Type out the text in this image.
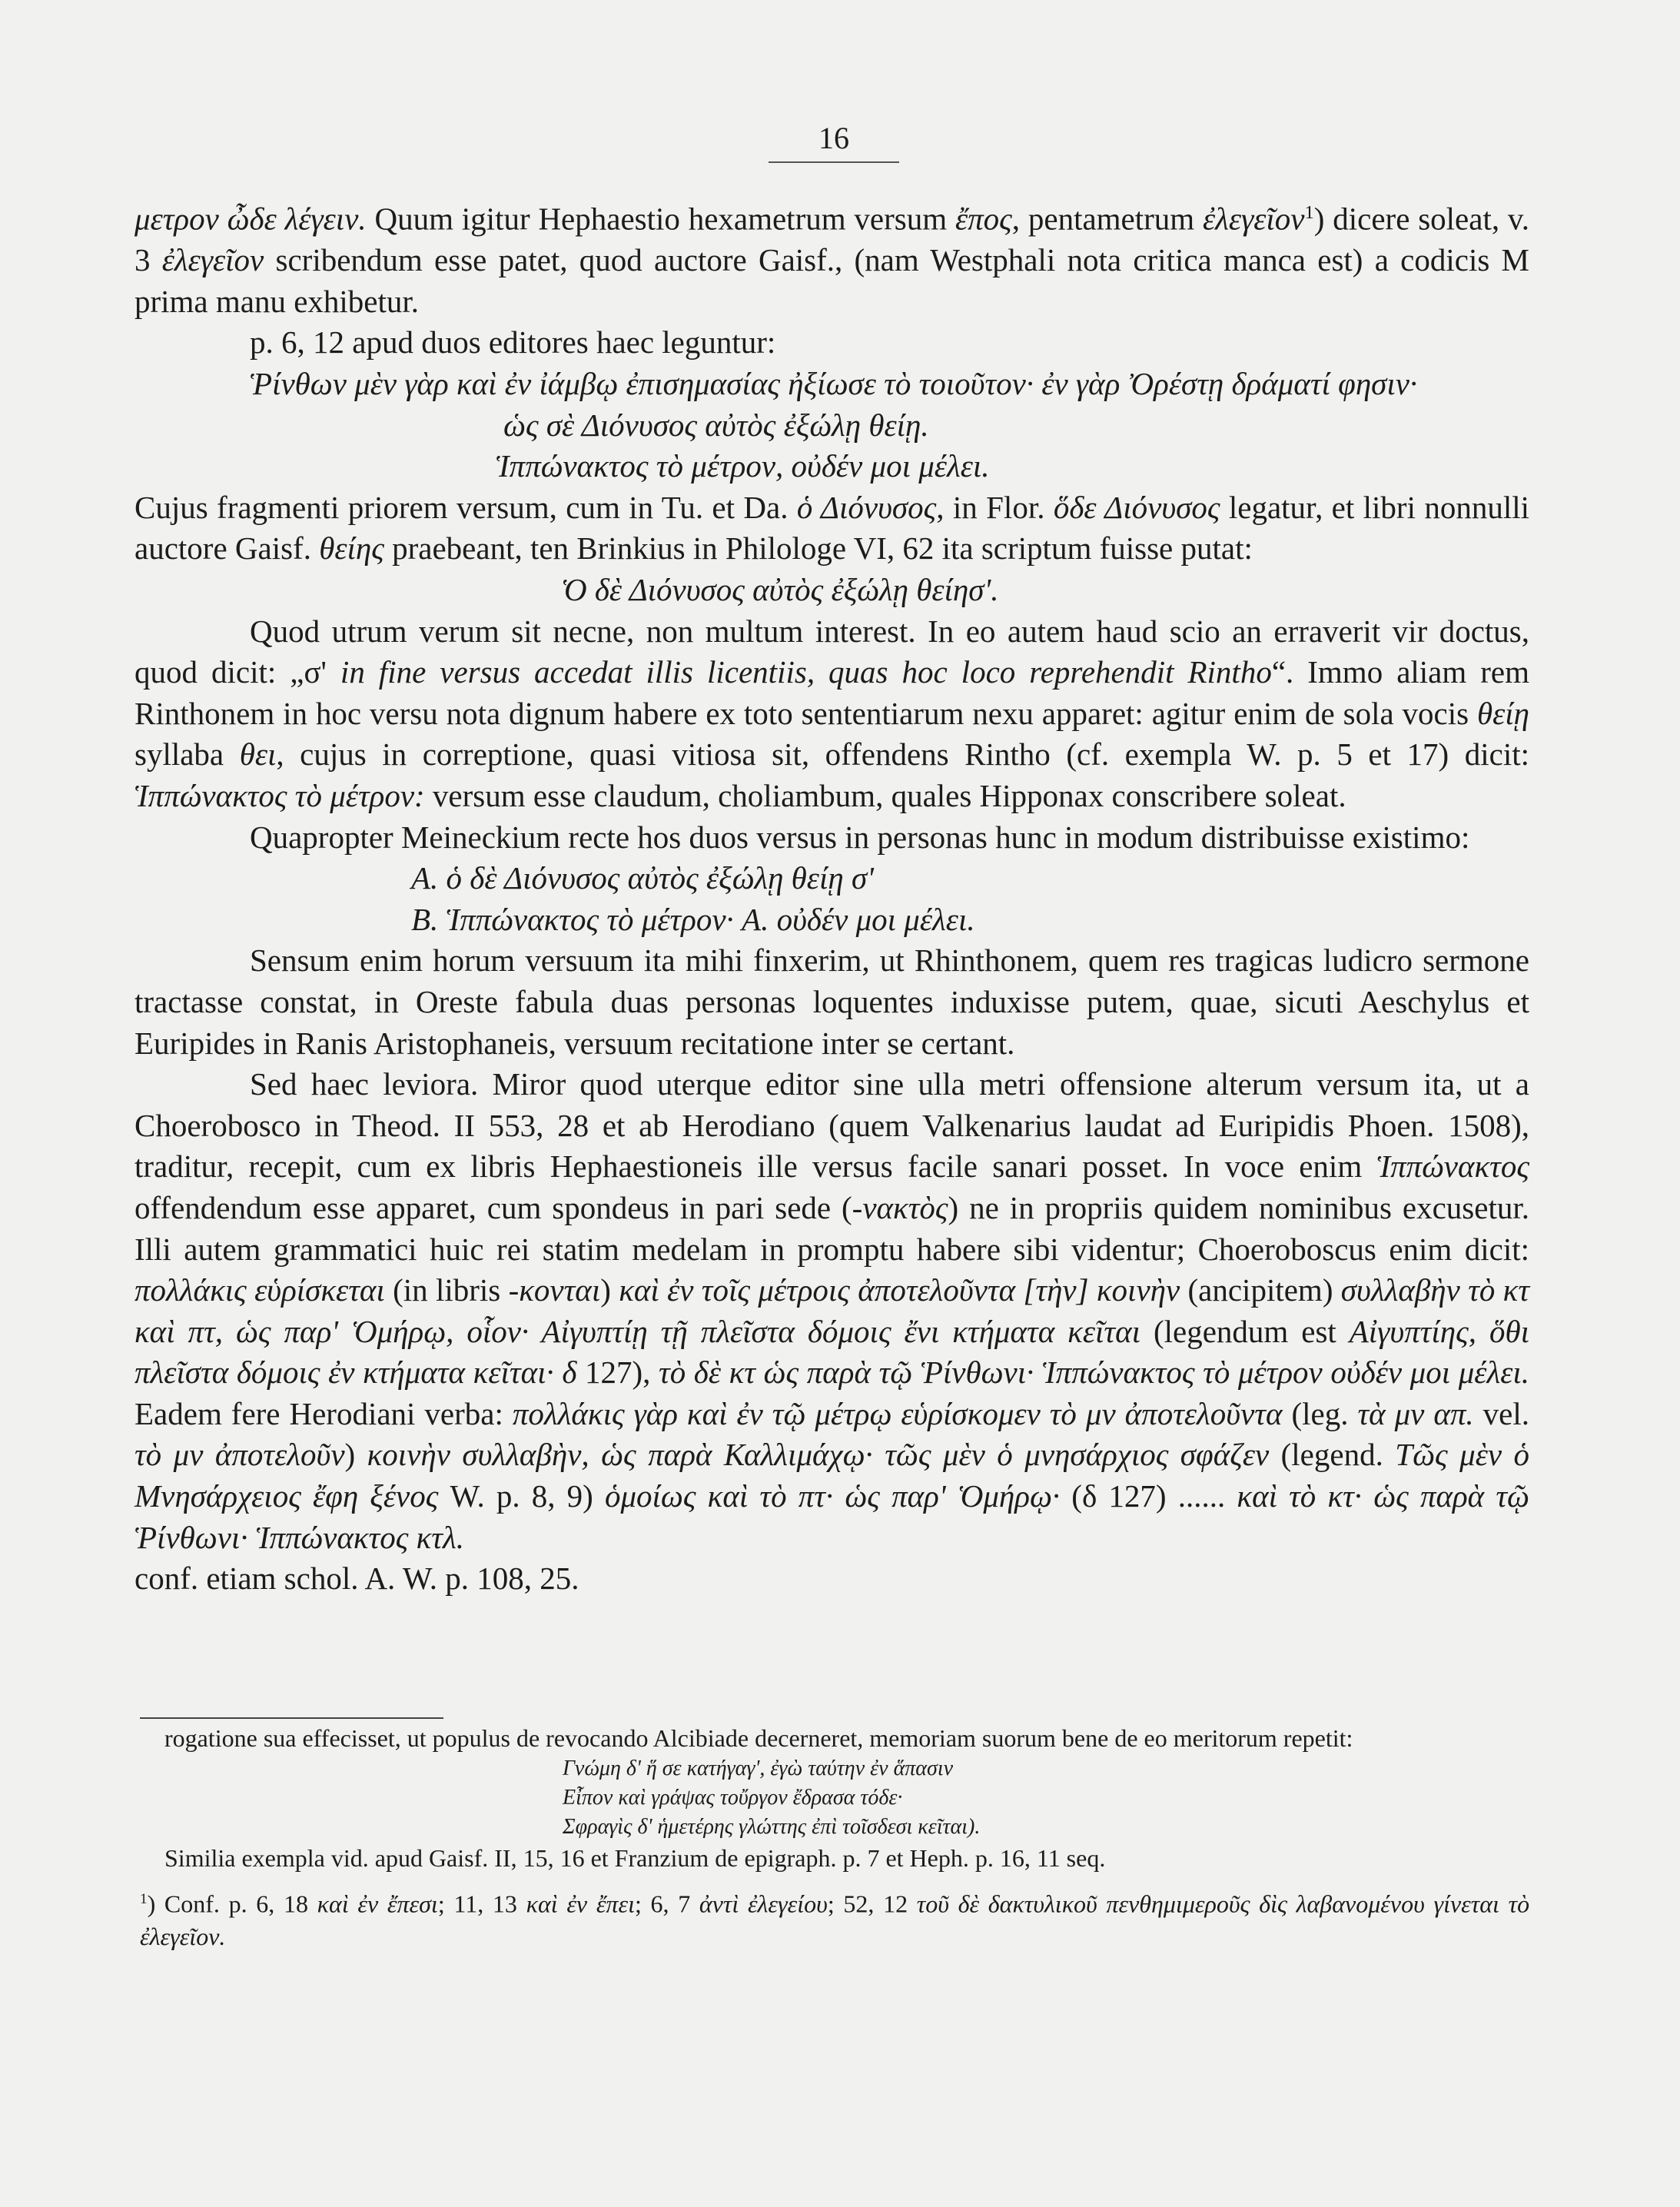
16

μετρον ὦδε λέγειν. Quum igitur Hephaestio hexametrum versum ἔπος, pentametrum ἐλεγεῖον$^1$) dicere soleat, v. 3 ἐλεγεῖον scribendum esse patet, quod auctore Gaisf., (nam Westphali nota critica manca est) a codicis M prima manu exhibetur.

p. 6, 12 apud duos editores haec leguntur:

Ῥίνθων μὲν γὰρ καὶ ἐν ἰάμβῳ ἐπισημασίας ἠξίωσε τὸ τοιοῦτον· ἐν γὰρ Ὀρέστῃ δράματί φησιν·

ὡς σὲ Διόνυσος αὐτὸς ἐξώλῃ θείῃ.

Ἱππώνακτος τὸ μέτρον, οὐδέν μοι μέλει.

Cujus fragmenti priorem versum, cum in Tu. et Da. ὁ Διόνυσος, in Flor. ὅδε Διόνυσος legatur, et libri nonnulli auctore Gaisf. θείης praebeant, ten Brinkius in Philologe VI, 62 ita scriptum fuisse putat:

Ὁ δὲ Διόνυσος αὐτὸς ἐξώλῃ θείησ'.

Quod utrum verum sit necne, non multum interest. In eo autem haud scio an erraverit vir doctus, quod dicit: „σ' in fine versus accedat illis licentiis, quas hoc loco reprehendit Rintho“. Immo aliam rem Rinthonem in hoc versu nota dignum habere ex toto sententiarum nexu apparet: agitur enim de sola vocis θείῃ syllaba θει, cujus in correptione, quasi vitiosa sit, offendens Rintho (cf. exempla W. p. 5 et 17) dicit: Ἱππώνακτος τὸ μέτρον: versum esse claudum, choliambum, quales Hipponax conscribere soleat.

Quapropter Meineckium recte hos duos versus in personas hunc in modum distribuisse existimo:

A. ὁ δὲ Διόνυσος αὐτὸς ἐξώλῃ θείῃ σ'

B. Ἱππώνακτος τὸ μέτρον· A. οὐδέν μοι μέλει.

Sensum enim horum versuum ita mihi finxerim, ut Rhinthonem, quem res tragicas ludicro sermone tractasse constat, in Oreste fabula duas personas loquentes induxisse putem, quae, sicuti Aeschylus et Euripides in Ranis Aristophaneis, versuum recitatione inter se certant.

Sed haec leviora. Miror quod uterque editor sine ulla metri offensione alterum versum ita, ut a Choerobosco in Theod. II 553, 28 et ab Herodiano (quem Valkenarius laudat ad Euripidis Phoen. 1508), traditur, recepit, cum ex libris Hephaestioneis ille versus facile sanari posset. In voce enim Ἱππώνακτος offendendum esse apparet, cum spondeus in pari sede (-νακτὸς) ne in propriis quidem nominibus excusetur. Illi autem grammatici huic rei statim medelam in promptu habere sibi videntur; Choeroboscus enim dicit: πολλάκις εὑρίσκεται (in libris -κονται) καὶ ἐν τοῖς μέτροις ἀποτελοῦντα [τὴν] κοινὴν (ancipitem) συλλαβὴν τὸ κτ καὶ πτ, ὡς παρ' Ὁμήρῳ, οἷον· Αἰγυπτίῃ τῇ πλεῖστα δόμοις ἔνι κτήματα κεῖται (legendum est Αἰγυπτίης, ὅθι πλεῖστα δόμοις ἐν κτήματα κεῖται· δ 127), τὸ δὲ κτ ὡς παρὰ τῷ Ῥίνθωνι· Ἱππώνακτος τὸ μέτρον οὐδέν μοι μέλει. Eadem fere Herodiani verba: πολλάκις γὰρ καὶ ἐν τῷ μέτρῳ εὑρίσκομεν τὸ μν ἀποτελοῦντα (leg. τὰ μν απ. vel. τὸ μν ἀποτελοῦν) κοινὴν συλλαβὴν, ὡς παρὰ Καλλιμάχῳ· τῶς μὲν ὁ μνησάρχιος σφάζεν (legend. Τῶς μὲν ὁ Μνησάρχειος ἔφη ξένος W. p. 8, 9) ὁμοίως καὶ τὸ πτ· ὡς παρ' Ὁμήρῳ· (δ 127) ...... καὶ τὸ κτ· ὡς παρὰ τῷ Ῥίνθωνι· Ἱππώνακτος κτλ.

conf. etiam schol. A. W. p. 108, 25.

rogatione sua effecisset, ut populus de revocando Alcibiade decerneret, memoriam suorum bene de eo meritorum repetit:

Γνώμη δ' ἥ σε κατήγαγ', ἐγὼ ταύτην ἐν ἅπασιν

Εἶπον καὶ γράψας τοὔργον ἔδρασα τόδε·

Σφραγὶς δ' ἡμετέρης γλώττης ἐπὶ τοῖσδεσι κεῖται).

Similia exempla vid. apud Gaisf. II, 15, 16 et Franzium de epigraph. p. 7 et Heph. p. 16, 11 seq.

$^1$) Conf. p. 6, 18 καὶ ἐν ἔπεσι; 11, 13 καὶ ἐν ἔπει; 6, 7 ἀντὶ ἐλεγείου; 52, 12 τοῦ δὲ δακτυλικοῦ πενθημιμεροῦς δὶς λαβανομένου γίνεται τὸ ἐλεγεῖον.
